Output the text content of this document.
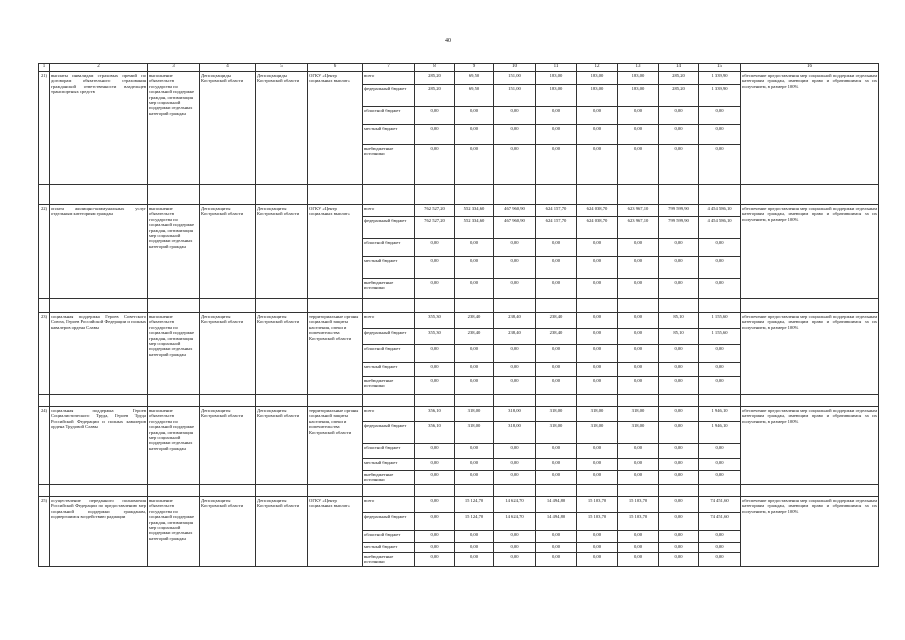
40
1	2	3	4	5	6	7	8	9	10	11	12	13	14	15	16
21)	выплаты инвалидам страховых премий по договорам обязательного страхования гражданской ответственности владельцев транспортных средств	выполнение обязательств государства по социальной поддержке граждан, оптимизация мер социальной поддержки отдельных категорий граждан	Депсоцзащиды Костромской области	Депсоцзащиды Костромской области	ОГКУ «Центр социальных выплат»	всего	285,20	69,50	151,00	183,00	183,00	183,00	285,20	1 339,90	обеспечение предоставления мер социальной поддержки отдельным категориям граждан, имеющим право и обратившимся за их получением, в размере 100%
						федеральный бюджет	285,20	69,50	151,00	183,00	183,00	183,00	285,20	1 339,90	
						областной бюджет	0,00	0,00	0,00	0,00	0,00	0,00	0,00	0,00	
						местный бюджет	0,00	0,00	0,00	0,00	0,00	0,00	0,00	0,00	
						внебюджетные источники	0,00	0,00	0,00	0,00	0,00	0,00	0,00	0,00	

22)	оплата жилищно-коммунальных услуг отдельным категориям граждан	выполнение обязательств государства по социальной поддержке граждан, оптимизация мер социальной поддержки отдельных категорий граждан	Депсоцзащиты Костромской области	Депсоцзащиты Костромской области	ОГКУ «Центр социальных выплат»	всего	762 527,20	552 334,60	467 960,90	624 157,70	624 038,70	623 967,10	799 599,90	4 454 586,10	обеспечение предоставления мер социальной поддержки отдельным категориям граждан, имеющим право и обратившимся за их получением, в размере 100%
						федеральный бюджет	762 527,20	552 334,60	467 960,90	624 157,70	624 038,70	623 967,10	799 599,90	4 454 586,10	
						областной бюджет	0,00	0,00	0,00	0,00	0,00	0,00	0,00	0,00	
						местный бюджет	0,00	0,00	0,00	0,00	0,00	0,00	0,00	0,00	
						внебюджетные источники	0,00	0,00	0,00	0,00	0,00	0,00	0,00	0,00	

23)	социальная поддержка Героев Советского Союза, Героев Российской Федерации и полных кавалеров ордена Славы	выполнение обязательств государства по социальной поддержке граждан, оптимизация мер социальной поддержки отдельных категорий граждан	Депсоцзащиты Костромской области	Депсоцзащиты Костромской области	территориальные органы социальной защиты населения, опеки и попечительства Костромской области	всего	355,30	238,40	238,40	238,40	0,00	0,00	85,10	1 155,60	обеспечение предоставления мер социальной поддержки отдельным категориям граждан, имеющим право и обратившимся за их получением, в размере 100%
						федеральный бюджет	355,30	238,40	238,40	238,40	0,00	0,00	85,10	1 155,60	
						областной бюджет	0,00	0,00	0,00	0,00	0,00	0,00	0,00	0,00	
						местный бюджет	0,00	0,00	0,00	0,00	0,00	0,00	0,00	0,00	
						внебюджетные источники	0,00	0,00	0,00	0,00	0,00	0,00	0,00	0,00	

24)	социальная поддержка Героев Социалистического Труда, Героев Труда Российской Федерации и полных кавалеров ордена Трудовой Славы	выполнение обязательств государства по социальной поддержке граждан, оптимизация мер социальной поддержки отдельных категорий граждан	Депсоцзащиты Костромской области	Депсоцзащиты Костромской области	территориальные органы социальной защиты населения, опеки и попечительства Костромской области	всего	356,10	318,00	318,00	318,00	318,00	318,00	0,00	1 946,10	обеспечение предоставления мер социальной поддержки отдельным категориям граждан, имеющим право и обратившимся за их получением, в размере 100%
						федеральный бюджет	356,10	318,00	318,00	318,00	318,00	318,00	0,00	1 946,10	
						областной бюджет	0,00	0,00	0,00	0,00	0,00	0,00	0,00	0,00	
						местный бюджет	0,00	0,00	0,00	0,00	0,00	0,00	0,00	0,00	
						внебюджетные источники	0,00	0,00	0,00	0,00	0,00	0,00	0,00	0,00	

25)	осуществление переданного полномочия Российской Федерации по предоставлению мер социальной поддержки гражданам, подвергшимся воздействию радиации	выполнение обязательств государства по социальной поддержке граждан, оптимизация мер социальной поддержки отдельных категорий граждан	Депсоцзащиты Костромской области	Депсоцзащиты Костромской области	ОГКУ «Центр социальных выплат»	всего	0,00	15 124,70	14 624,70	14 494,80	15 103,70	15 103,70	0,00	74 451,60	обеспечение предоставления мер социальной поддержки отдельным категориям граждан, имеющим право и обратившимся за их получением, в размере 100%
						федеральный бюджет	0,00	15 124,70	14 624,70	14 494,80	15 103,70	15 103,70	0,00	74 451,60	
						областной бюджет	0,00	0,00	0,00	0,00	0,00	0,00	0,00	0,00	
						местный бюджет	0,00	0,00	0,00	0,00	0,00	0,00	0,00	0,00	
						внебюджетные источники	0,00	0,00	0,00	0,00	0,00	0,00	0,00	0,00	
